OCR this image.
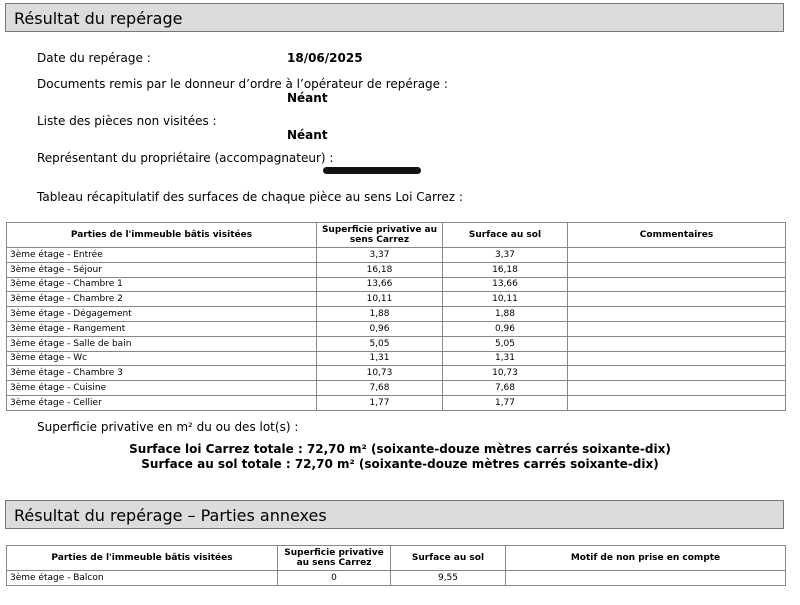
Résultat du repérage
Date du repérage :	18/06/2025
Documents remis par le donneur d’ordre à l’opérateur de repérage :
Néant
Liste des pièces non visitées :
Néant
Représentant du propriétaire (accompagnateur) :
Tableau récapitulatif des surfaces de chaque pièce au sens Loi Carrez :
Parties de l'immeuble bâtis visitées	Superficie privative au sens Carrez	Surface au sol	Commentaires
3ème étage - Entrée	3,37	3,37	
3ème étage - Séjour	16,18	16,18	
3ème étage - Chambre 1	13,66	13,66	
3ème étage - Chambre 2	10,11	10,11	
3ème étage - Dégagement	1,88	1,88	
3ème étage - Rangement	0,96	0,96	
3ème étage - Salle de bain	5,05	5,05	
3ème étage - Wc	1,31	1,31	
3ème étage - Chambre 3	10,73	10,73	
3ème étage - Cuisine	7,68	7,68	
3ème étage - Cellier	1,77	1,77	
Superficie privative en m² du ou des lot(s) :
Surface loi Carrez totale : 72,70 m² (soixante-douze mètres carrés soixante-dix)
Surface au sol totale : 72,70 m² (soixante-douze mètres carrés soixante-dix)
Résultat du repérage – Parties annexes
Parties de l'immeuble bâtis visitées	Superficie privative au sens Carrez	Surface au sol	Motif de non prise en compte
3ème étage - Balcon	0	9,55	
